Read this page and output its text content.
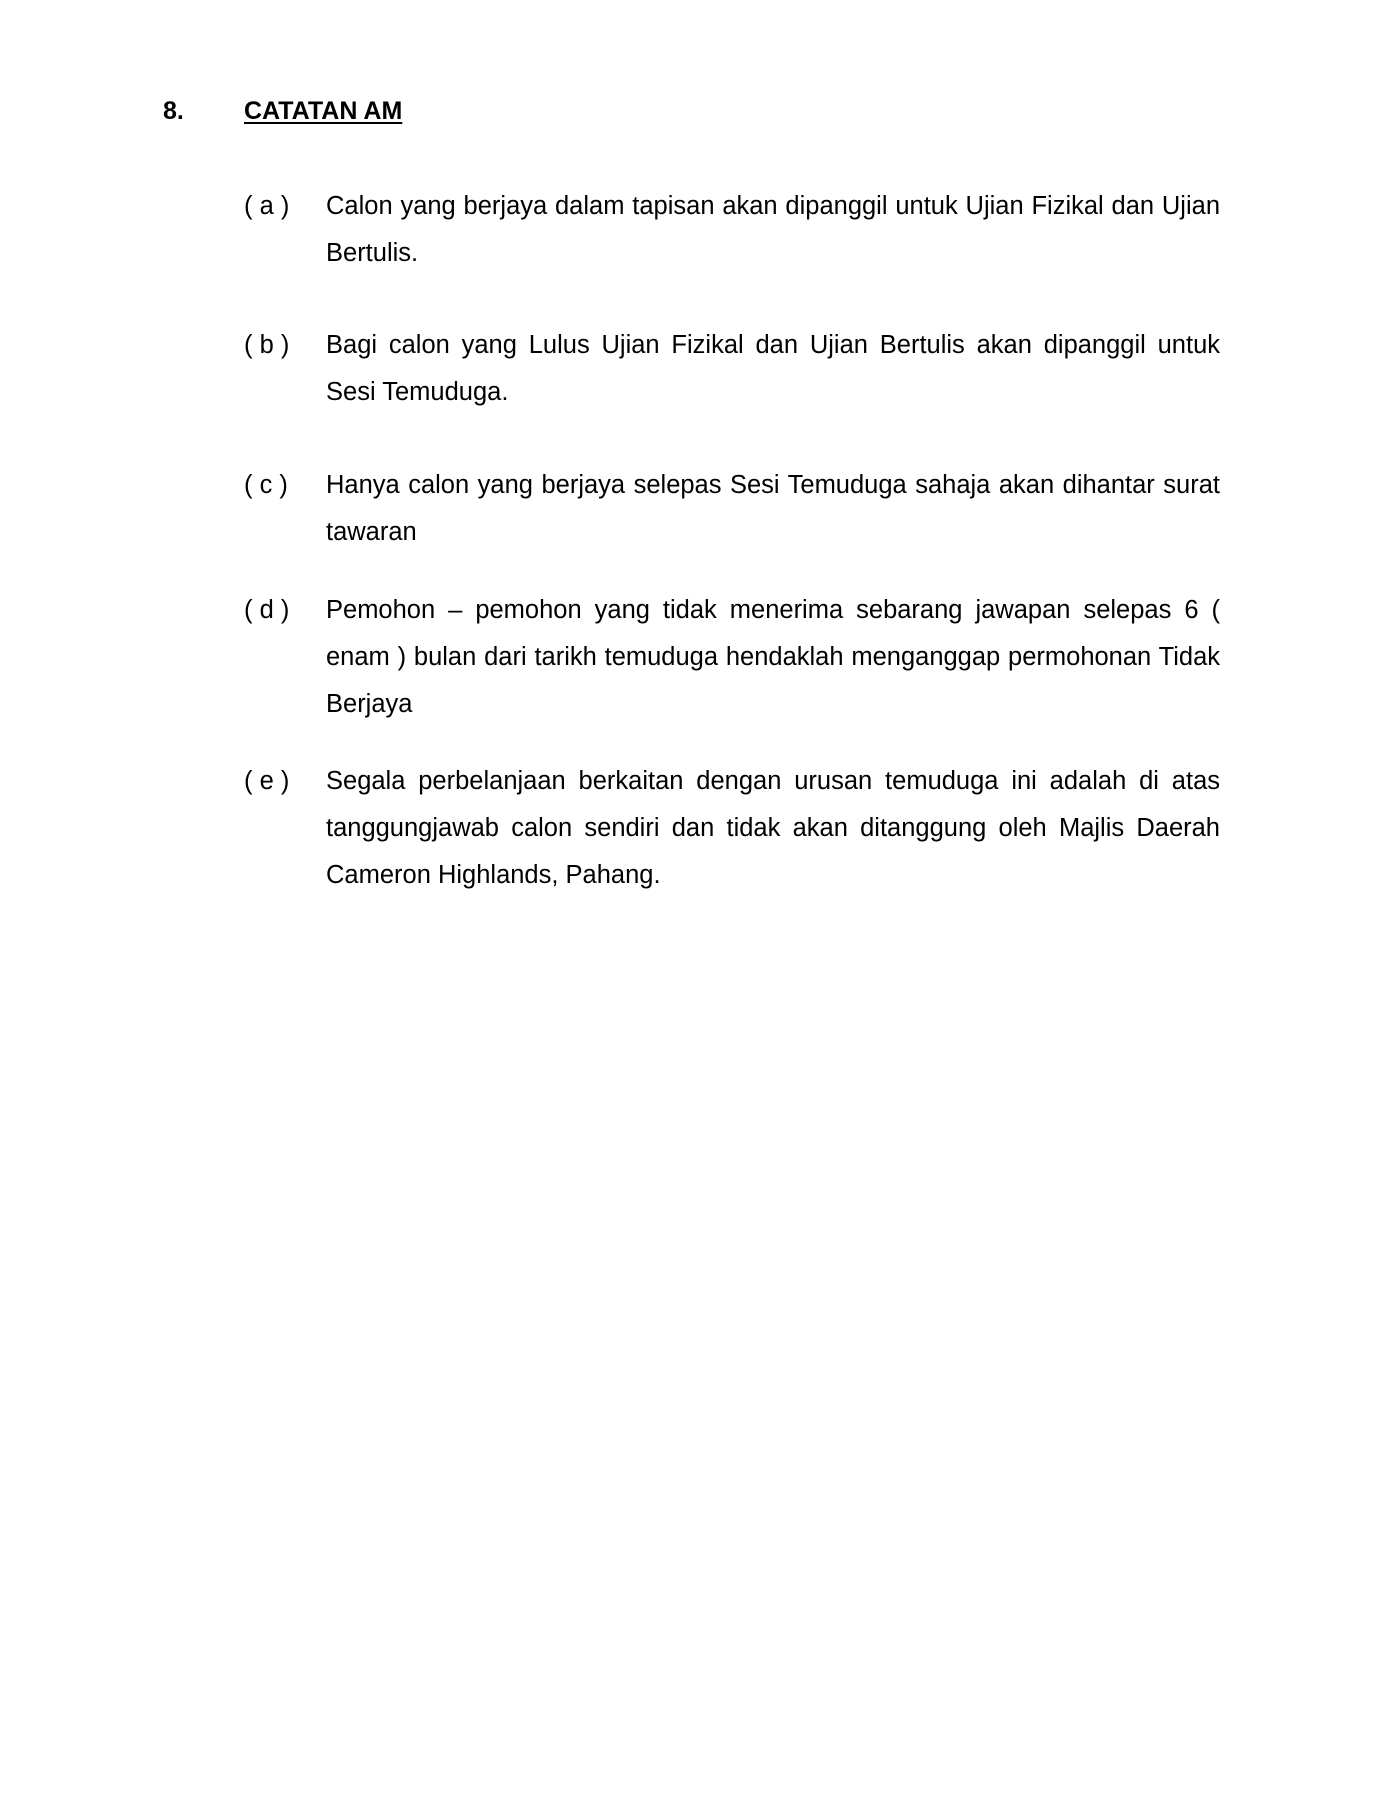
8. CATATAN AM
( a ) Calon yang berjaya dalam tapisan akan dipanggil untuk Ujian Fizikal dan Ujian Bertulis.
( b ) Bagi calon yang Lulus Ujian Fizikal dan Ujian Bertulis akan dipanggil untuk Sesi Temuduga.
( c ) Hanya calon yang berjaya selepas Sesi Temuduga sahaja akan dihantar surat tawaran
( d ) Pemohon – pemohon yang tidak menerima sebarang jawapan selepas 6 ( enam ) bulan dari tarikh temuduga hendaklah menganggap permohonan Tidak Berjaya
( e ) Segala perbelanjaan berkaitan dengan urusan temuduga ini adalah di atas tanggungjawab calon sendiri dan tidak akan ditanggung oleh Majlis Daerah Cameron Highlands, Pahang.
